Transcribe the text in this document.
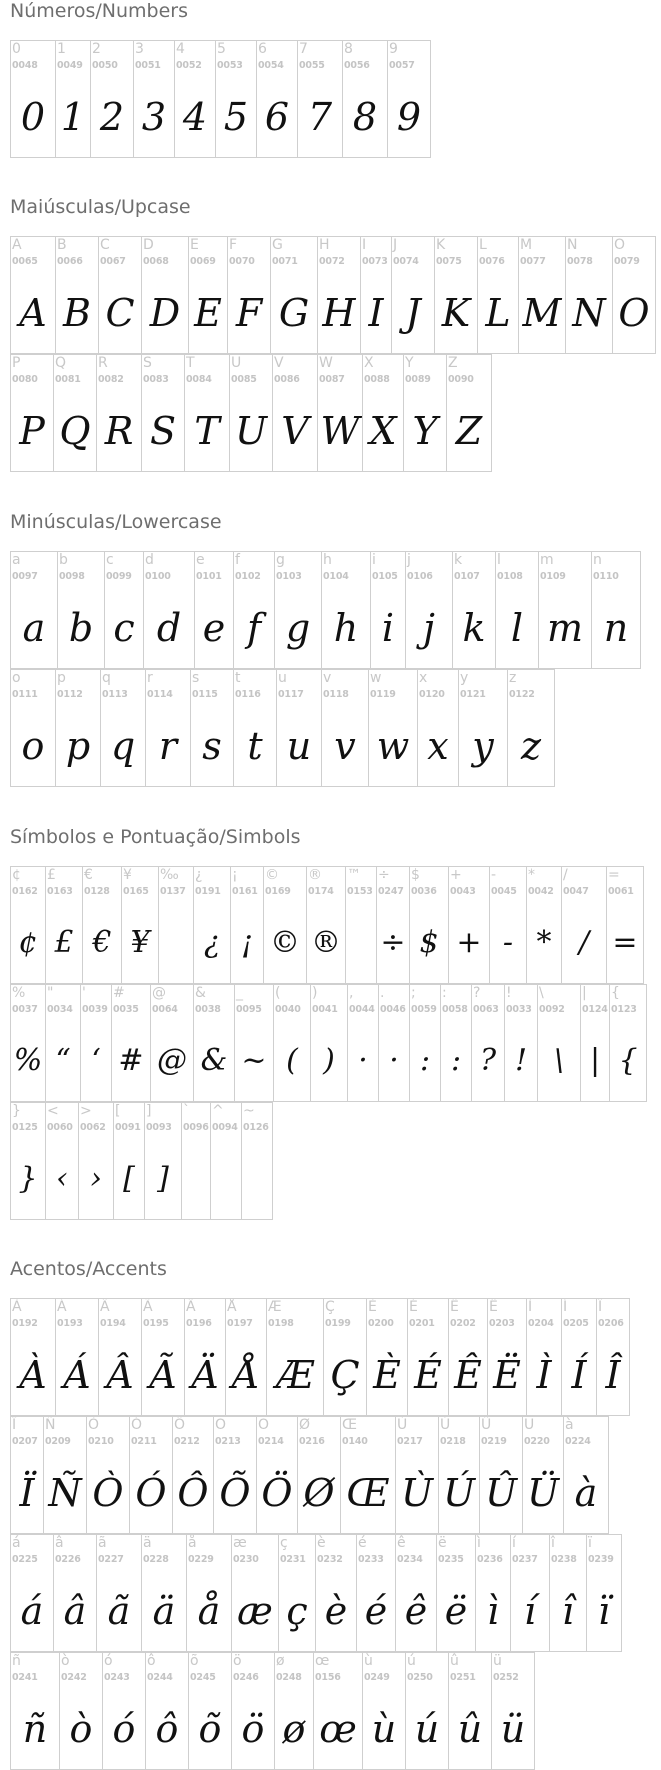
Números/Numbers
0
0048
0
1
0049
1
2
0050
2
3
0051
3
4
0052
4
5
0053
5
6
0054
6
7
0055
7
8
0056
8
9
0057
9
Maiúsculas/Upcase
A
0065
A
B
0066
B
C
0067
C
D
0068
D
E
0069
E
F
0070
F
G
0071
G
H
0072
H
I
0073
I
J
0074
J
K
0075
K
L
0076
L
M
0077
M
N
0078
N
O
0079
O
P
0080
P
Q
0081
Q
R
0082
R
S
0083
S
T
0084
T
U
0085
U
V
0086
V
W
0087
W
X
0088
X
Y
0089
Y
Z
0090
Z
Minúsculas/Lowercase
a
0097
a
b
0098
b
c
0099
c
d
0100
d
e
0101
e
f
0102
f
g
0103
g
h
0104
h
i
0105
i
j
0106
j
k
0107
k
l
0108
l
m
0109
m
n
0110
n
o
0111
o
p
0112
p
q
0113
q
r
0114
r
s
0115
s
t
0116
t
u
0117
u
v
0118
v
w
0119
w
x
0120
x
y
0121
y
z
0122
z
Símbolos e Pontuação/Simbols
¢
0162
¢
£
0163
£
€
0128
€
¥
0165
¥
‰
0137
¿
0191
¿
¡
0161
¡
©
0169
©
®
0174
®
™
0153
÷
0247
÷
$
0036
$
+
0043
+
-
0045
-
*
0042
*
/
0047
/
=
0061
=
%
0037
%
"
0034
“
'
0039
‘
#
0035
#
@
0064
@
&
0038
&
_
0095
~
(
0040
(
)
0041
)
,
0044
·
.
0046
·
;
0059
:
:
0058
:
?
0063
?
!
0033
!
\
0092
\
|
0124
|
{
0123
{
}
0125
}
<
0060
‹
>
0062
›
[
0091
[
]
0093
]
`
0096
^
0094
~
0126
Acentos/Accents
À
0192
À
Á
0193
Á
Â
0194
Â
Ã
0195
Ã
Ä
0196
Ä
Å
0197
Å
Æ
0198
Æ
Ç
0199
Ç
È
0200
È
É
0201
É
Ê
0202
Ê
Ë
0203
Ë
Ì
0204
Ì
Í
0205
Í
Î
0206
Î
Ï
0207
Ï
Ñ
0209
Ñ
Ò
0210
Ò
Ó
0211
Ó
Ô
0212
Ô
Õ
0213
Õ
Ö
0214
Ö
Ø
0216
Ø
Œ
0140
Œ
Ù
0217
Ù
Ú
0218
Ú
Û
0219
Û
Ü
0220
Ü
à
0224
à
á
0225
á
â
0226
â
ã
0227
ã
ä
0228
ä
å
0229
å
æ
0230
æ
ç
0231
ç
è
0232
è
é
0233
é
ê
0234
ê
ë
0235
ë
ì
0236
ì
í
0237
í
î
0238
î
ï
0239
ï
ñ
0241
ñ
ò
0242
ò
ó
0243
ó
ô
0244
ô
õ
0245
õ
ö
0246
ö
ø
0248
ø
œ
0156
œ
ù
0249
ù
ú
0250
ú
û
0251
û
ü
0252
ü
